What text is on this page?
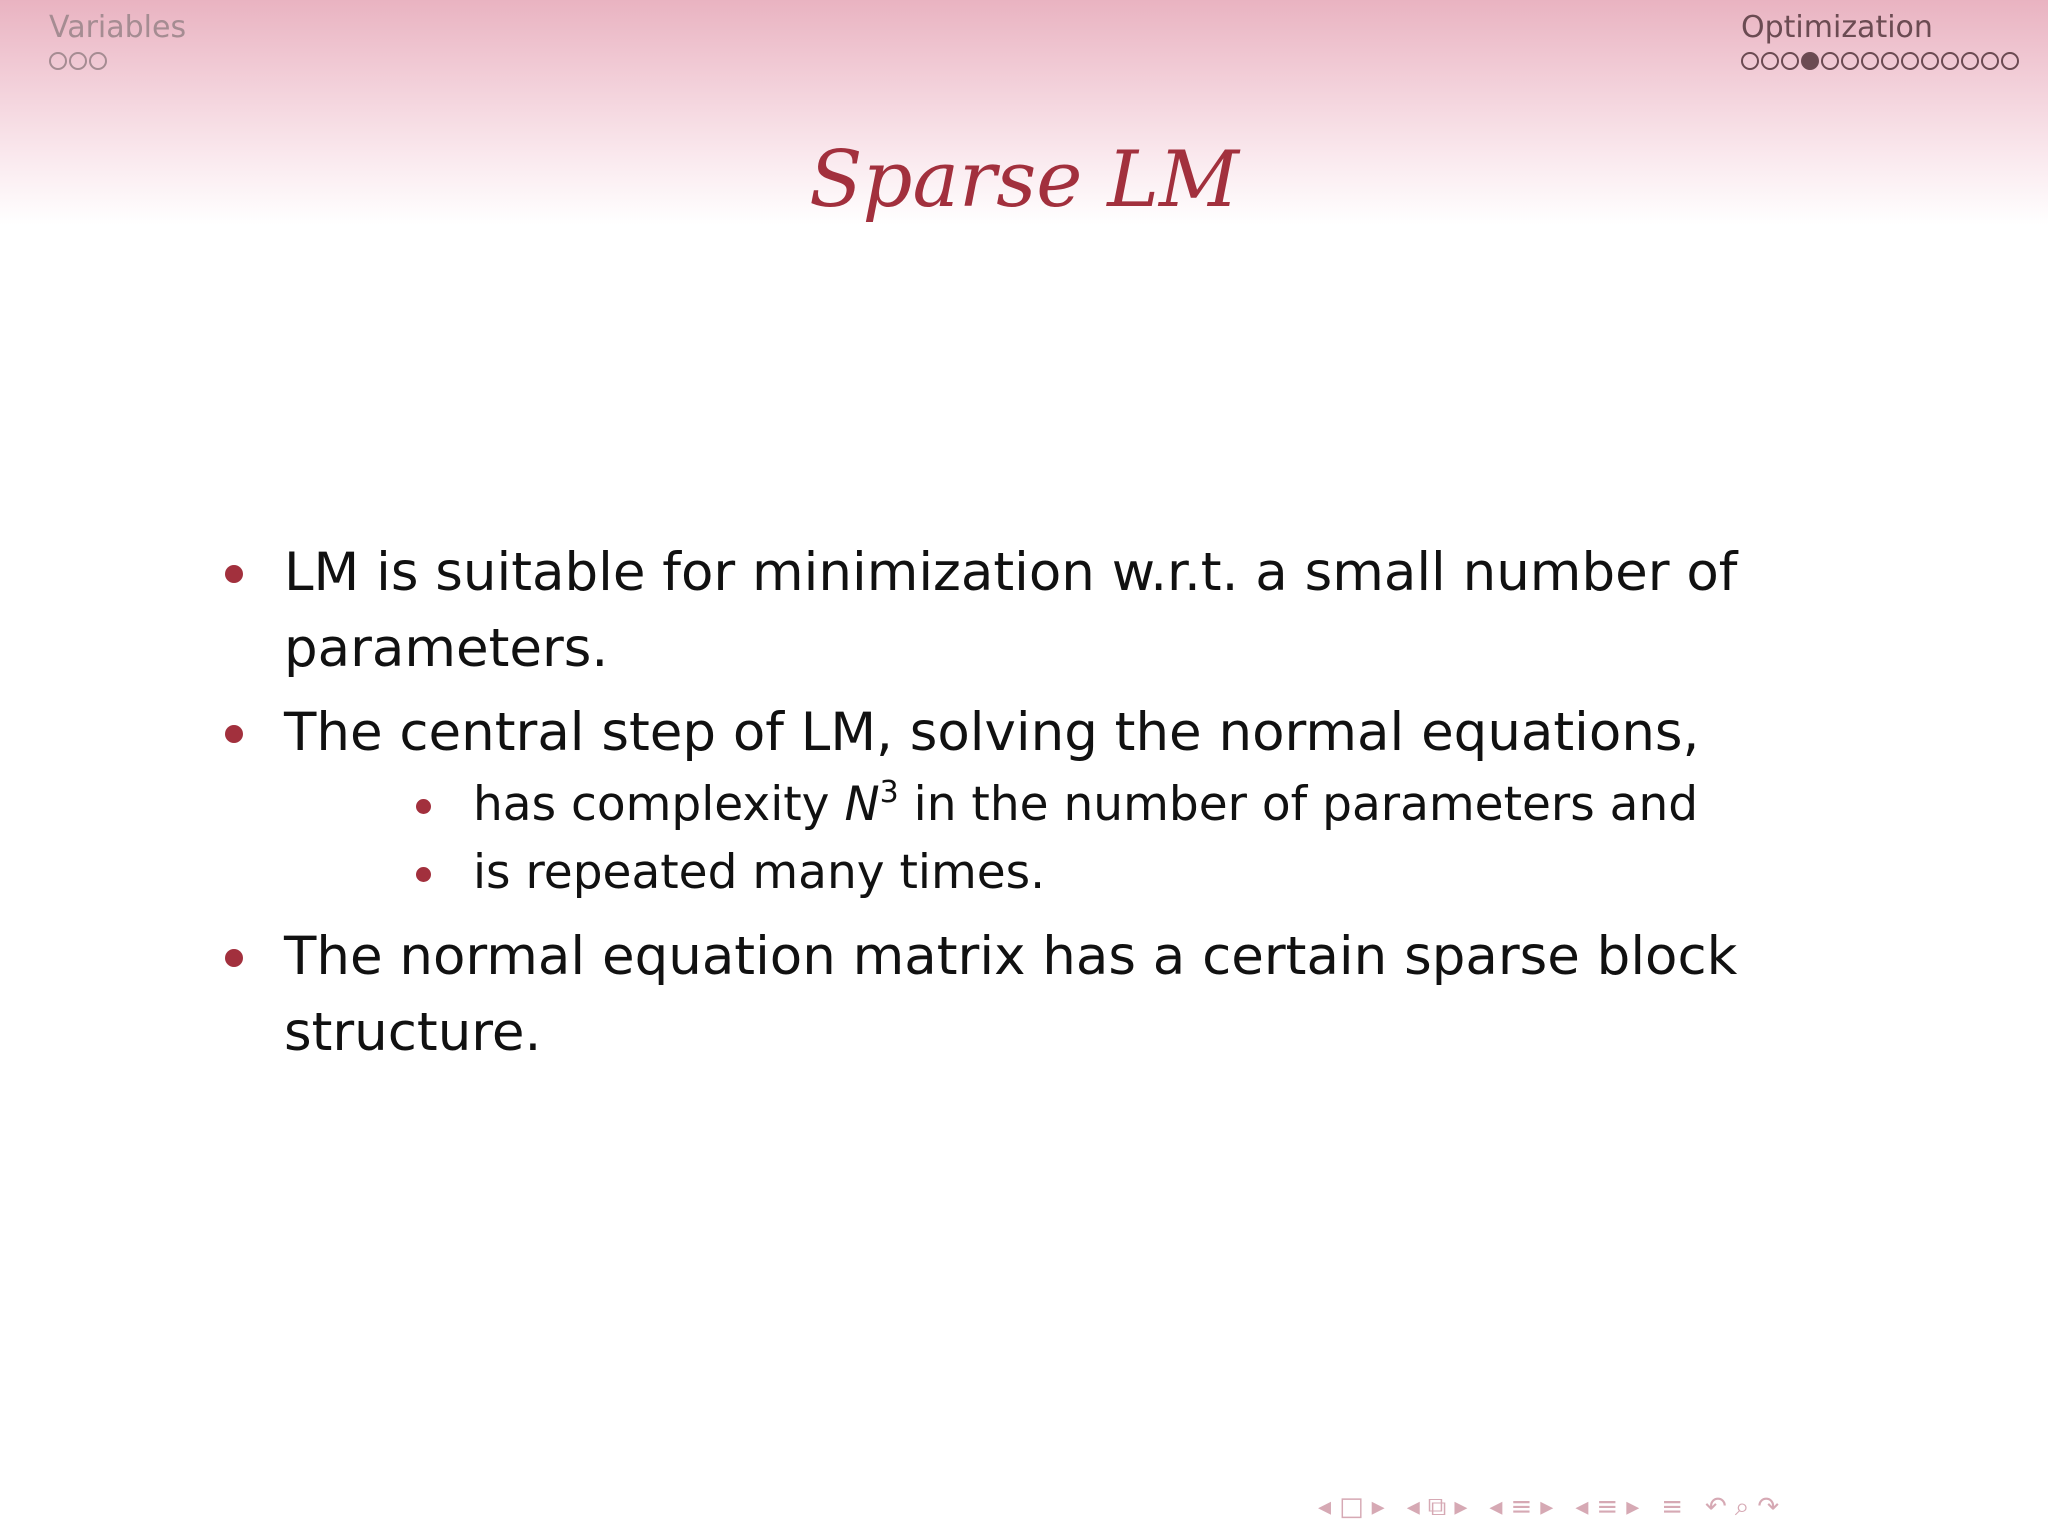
Variables	Optimization
Sparse LM
LM is suitable for minimization w.r.t. a small number of parameters.
The central step of LM, solving the normal equations,
has complexity $N^3$ in the number of parameters and
is repeated many times.
The normal equation matrix has a certain sparse block structure.
◂ □ ▸ ◂ ⧉ ▸ ◂ ≡ ▸ ◂ ≡ ▸ ≡ ↶ ⌕ ↷
